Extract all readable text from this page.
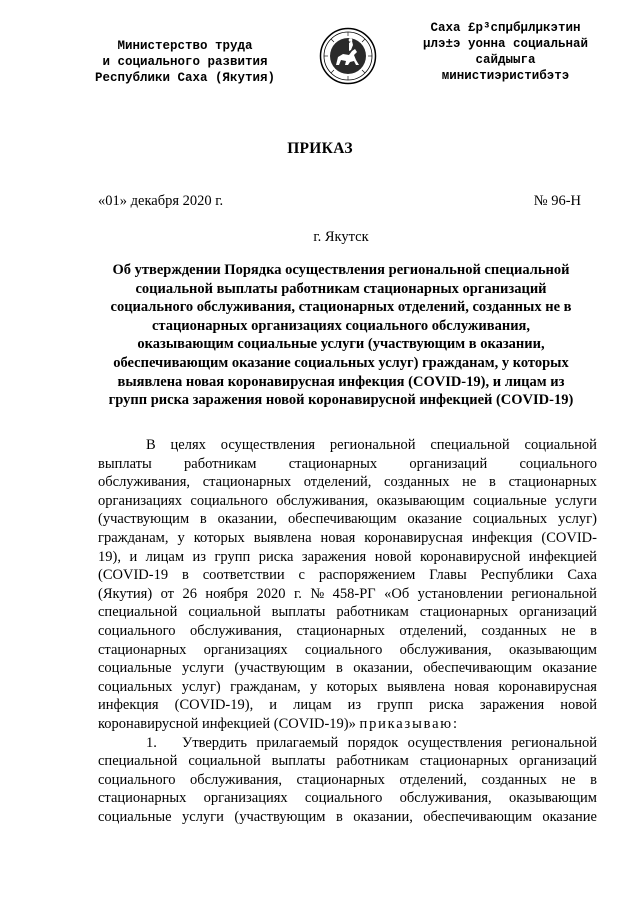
Министерство труда
и социального развития
Республики Саха (Якутия)
Саха £р³спµбµлµкэтин
µлэ±э уонна социальнай
сайдыыга
министиэристибэтэ
ПРИКАЗ
«01» декабря 2020 г.	№ 96-Н
г. Якутск
Об утверждении Порядка осуществления региональной специальной
социальной выплаты работникам стационарных организаций
социального обслуживания, стационарных отделений, созданных не в
стационарных организациях социального обслуживания,
оказывающим социальные услуги (участвующим в оказании,
обеспечивающим оказание социальных услуг) гражданам, у которых
выявлена новая коронавирусная инфекция (COVID-19), и лицам из
групп риска заражения новой коронавирусной инфекцией (COVID-19)
В целях осуществления региональной специальной социальной
выплаты работникам стационарных организаций социального
обслуживания, стационарных отделений, созданных не в стационарных
организациях социального обслуживания, оказывающим социальные услуги
(участвующим в оказании, обеспечивающим оказание социальных услуг)
гражданам, у которых выявлена новая коронавирусная инфекция (COVID-
19), и лицам из групп риска заражения новой коронавирусной инфекцией
(COVID-19 в соответствии с распоряжением Главы Республики Саха
(Якутия) от 26 ноября 2020 г. № 458-РГ «Об установлении региональной
специальной социальной выплаты работникам стационарных организаций
социального обслуживания, стационарных отделений, созданных не в
стационарных организациях социального обслуживания, оказывающим
социальные услуги (участвующим в оказании, обеспечивающим оказание
социальных услуг) гражданам, у которых выявлена новая коронавирусная
инфекция (COVID-19), и лицам из групп риска заражения новой
коронавирусной инфекцией (COVID-19)» приказываю:
1.	Утвердить прилагаемый порядок осуществления региональной
специальной социальной выплаты работникам стационарных организаций
социального обслуживания, стационарных отделений, созданных не в
стационарных организациях социального обслуживания, оказывающим
социальные услуги (участвующим в оказании, обеспечивающим оказание
